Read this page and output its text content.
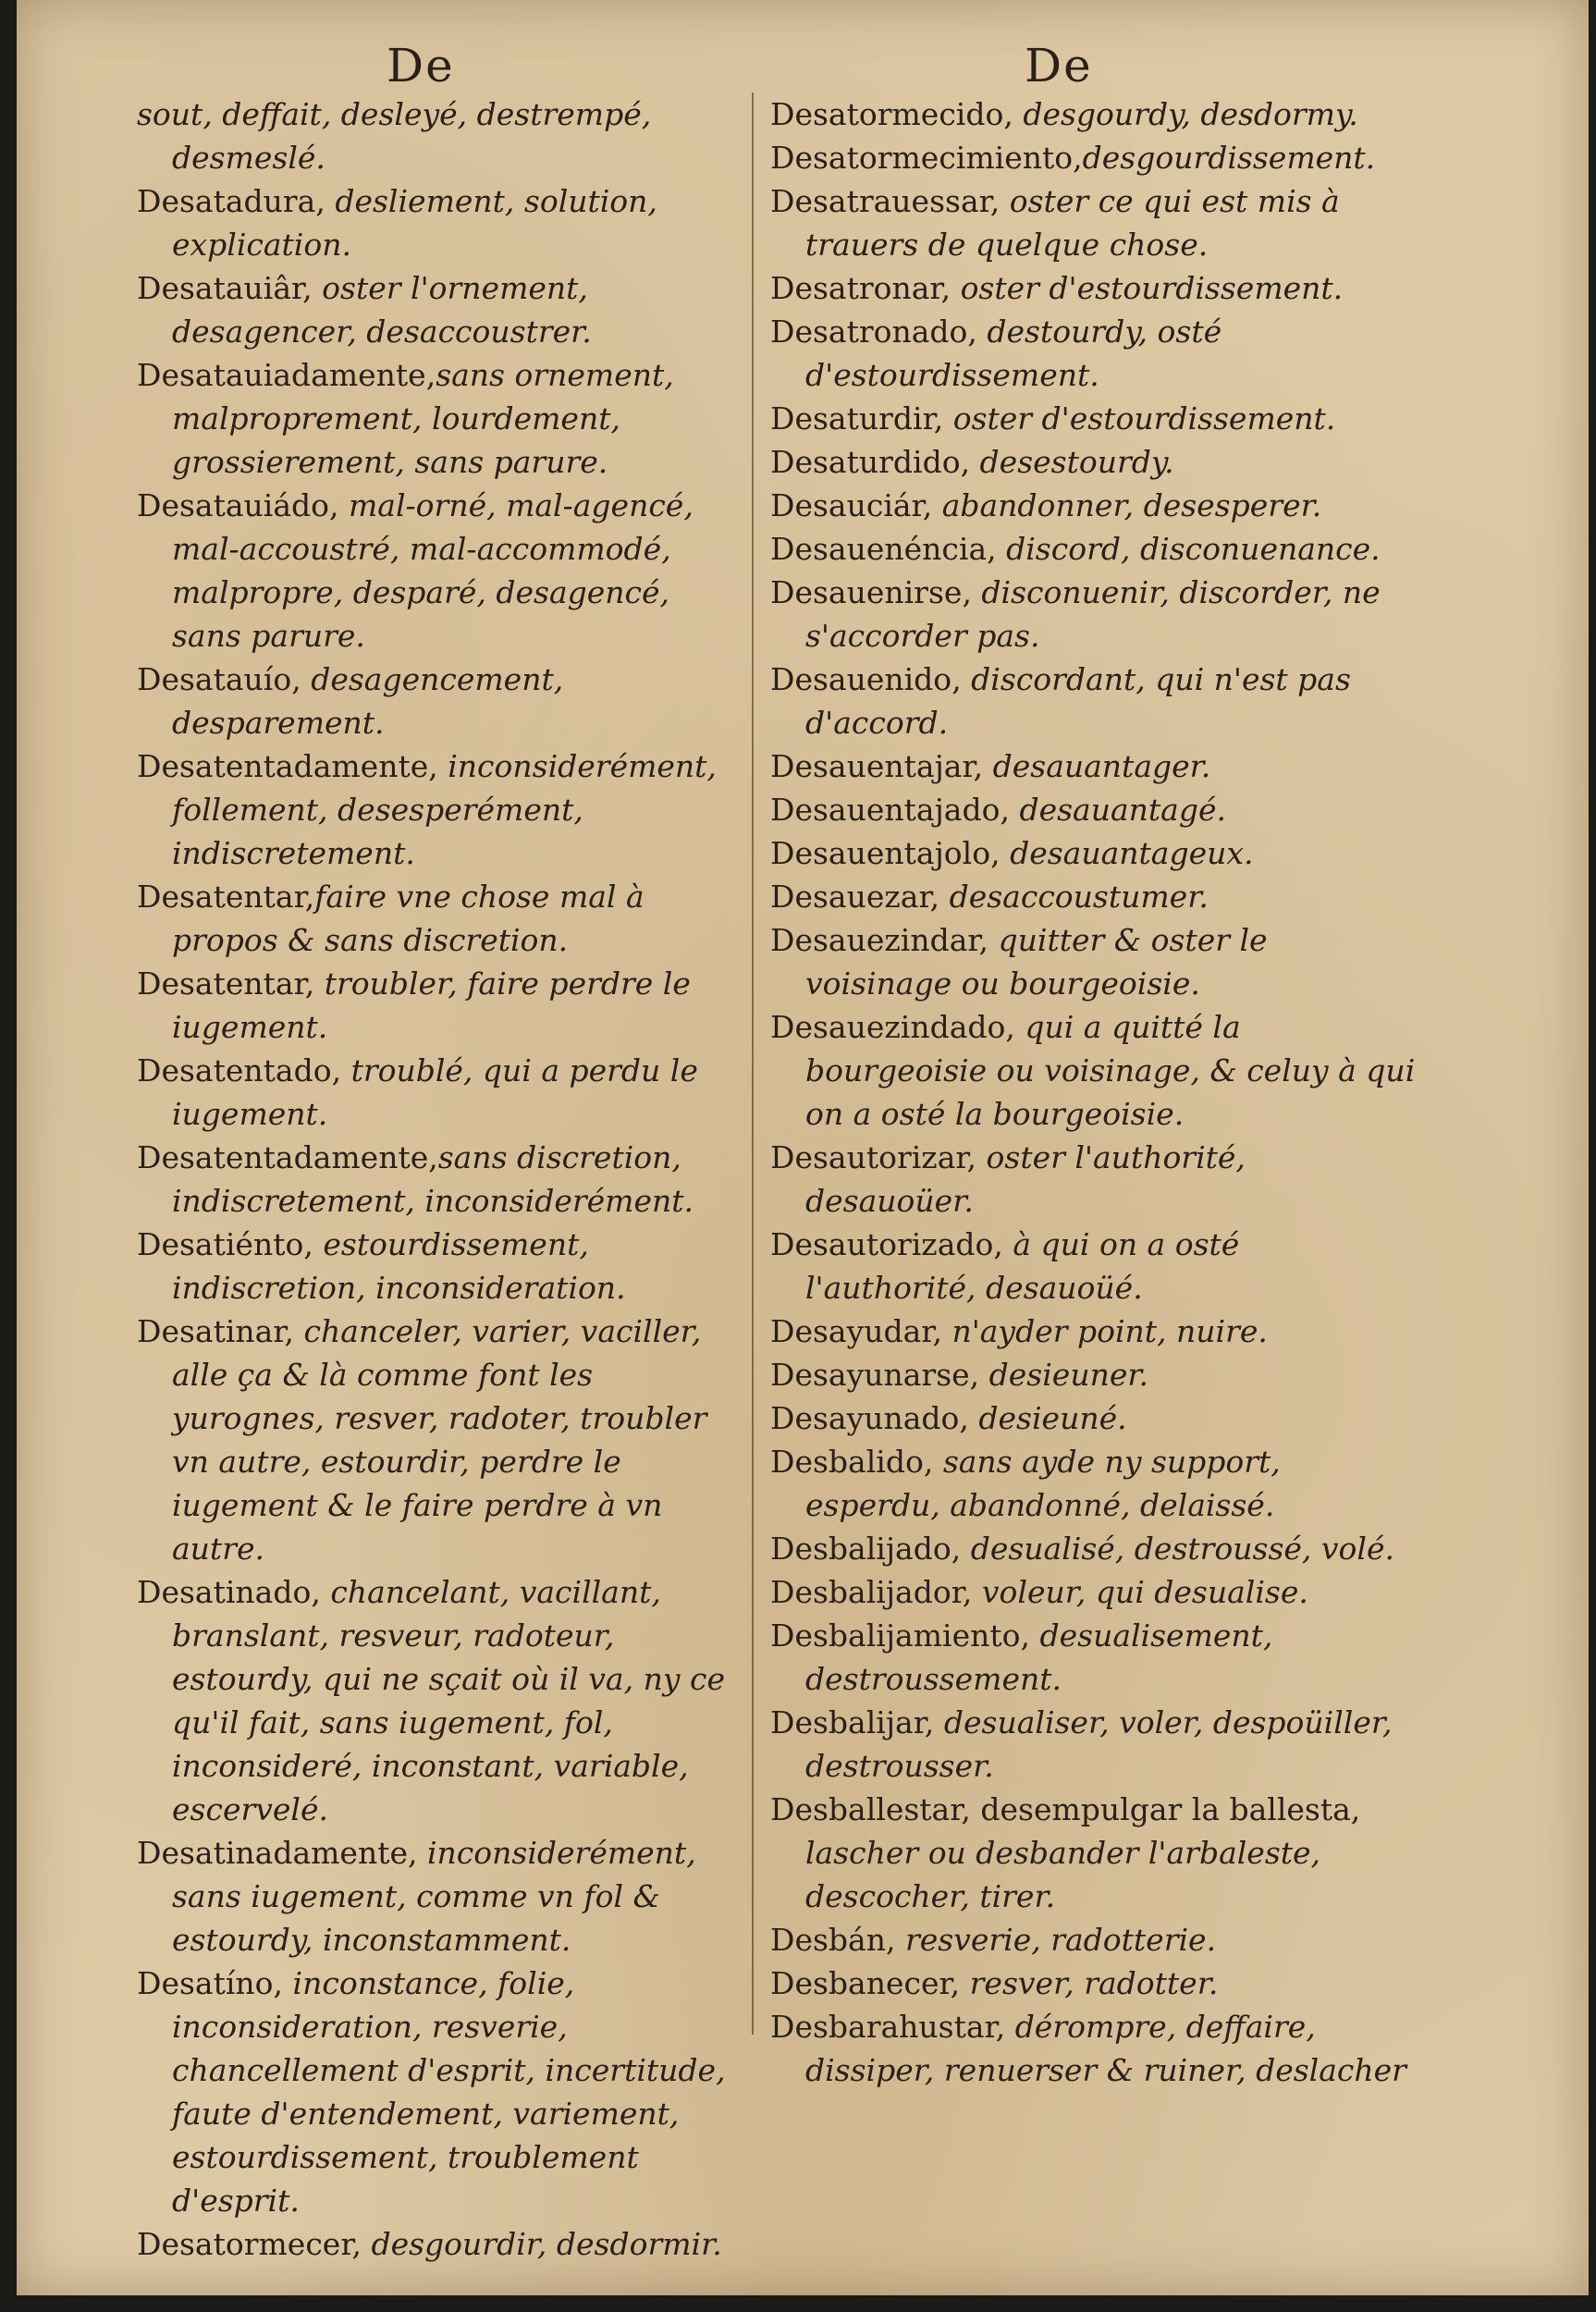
De	De

sout, deffait, desleyé, destrempé, desmeslé.

Desatadura, desliement, solution, explication.

Desatauiâr, oster l'ornement, desagencer, desaccoustrer.

Desatauiadamente,sans ornement, malproprement, lourdement, grossierement, sans parure.

Desatauiádo, mal-orné, mal-agencé, mal-accoustré, mal-accommodé, malpropre, desparé, desagencé, sans parure.

Desatauío, desagencement, desparement.

Desatentadamente, inconsiderément, follement, desesperément, indiscretement.

Desatentar,faire vne chose mal à propos & sans discretion.

Desatentar, troubler, faire perdre le iugement.

Desatentado, troublé, qui a perdu le iugement.

Desatentadamente,sans discretion, indiscretement, inconsiderément.

Desatiénto, estourdissement, indiscretion, inconsideration.

Desatinar, chanceler, varier, vaciller, alle ça & là comme font les yurognes, resver, radoter, troubler vn autre, estourdir, perdre le iugement & le faire perdre à vn autre.

Desatinado, chancelant, vacillant, branslant, resveur, radoteur, estourdy, qui ne sçait où il va, ny ce qu'il fait, sans iugement, fol, inconsideré, inconstant, variable, escervelé.

Desatinadamente, inconsiderément, sans iugement, comme vn fol & estourdy, inconstamment.

Desatíno, inconstance, folie, inconsideration, resverie, chancellement d'esprit, incertitude, faute d'entendement, variement, estourdissement, troublement d'esprit.

Desatormecer, desgourdir, desdormir.

Desatormecido, desgourdy, desdormy.

Desatormecimiento,desgourdissement.

Desatrauessar, oster ce qui est mis à trauers de quelque chose.

Desatronar, oster d'estourdissement.

Desatronado, destourdy, osté d'estourdissement.

Desaturdir, oster d'estourdissement.

Desaturdido, desestourdy.

Desauciár, abandonner, desesperer.

Desauenéncia, discord, disconuenance.

Desauenirse, disconuenir, discorder, ne s'accorder pas.

Desauenido, discordant, qui n'est pas d'accord.

Desauentajar, desauantager.

Desauentajado, desauantagé.

Desauentajolo, desauantageux.

Desauezar, desaccoustumer.

Desauezindar, quitter & oster le voisinage ou bourgeoisie.

Desauezindado, qui a quitté la bourgeoisie ou voisinage, & celuy à qui on a osté la bourgeoisie.

Desautorizar, oster l'authorité, desauoüer.

Desautorizado, à qui on a osté l'authorité, desauoüé.

Desayudar, n'ayder point, nuire.

Desayunarse, desieuner.

Desayunado, desieuné.

Desbalido, sans ayde ny support, esperdu, abandonné, delaissé.

Desbalijado, desualisé, destroussé, volé.

Desbalijador, voleur, qui desualise.

Desbalijamiento, desualisement, destroussement.

Desbalijar, desualiser, voler, despoüiller, destrousser.

Desballestar, desempulgar la ballesta, lascher ou desbander l'arbaleste, descocher, tirer.

Desbán, resverie, radotterie.

Desbanecer, resver, radotter.

Desbarahustar, dérompre, deffaire, dissiper, renuerser & ruiner, deslacher
